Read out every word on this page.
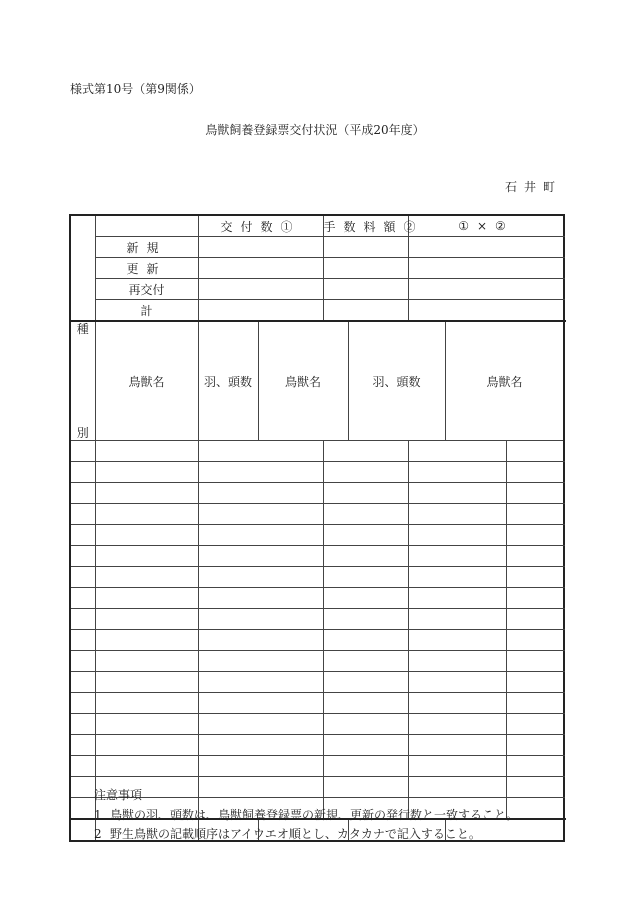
様式第10号（第9関係）
鳥獣飼養登録票交付状況（平成20年度）
石井町
		交付数①		手数料額②		①×②			
	新規								
	更新								
	再交付								
	計								

種
別	鳥獣名	羽、頭数	鳥獣名		羽、頭数		鳥獣名	

注意事項
1 鳥獣の羽、頭数は、鳥獣飼養登録票の新規、更新の発行数と一致すること。
2 野生鳥獣の記載順序はアイウエオ順とし、カタカナで記入すること。
